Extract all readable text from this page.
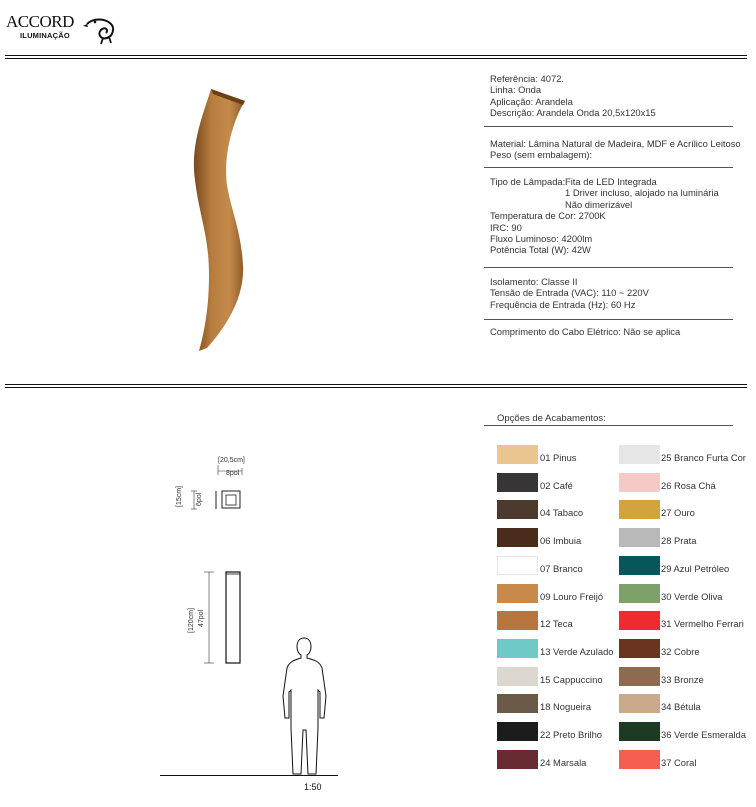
ACCORD
ILUMINAÇÃO
Referência: 4072.
Linha: Onda
Aplicação: Arandela
Descrição: Arandela Onda 20,5x120x15
Material: Lâmina Natural de Madeira, MDF e Acrílico Leitoso
Peso (sem embalagem):
Tipo de Lâmpada: Fita de LED Integrada
1 Driver incluso, alojado na luminária
Não dimerizável
Temperatura de Cor: 2700K
IRC: 90
Fluxo Luminoso: 4200lm
Potência Total (W): 42W
Isolamento: Classe II
Tensão de Entrada (VAC): 110 ~ 220V
Frequência de Entrada (Hz): 60 Hz
Comprimento do Cabo Elétrico: Não se aplica
[20,5cm]
8pol
[15cm] 6pol
[120cm] 47pol
1:50
Opções de Acabamentos:
01 Pinus
02 Café
04 Tabaco
06 Imbuia
07 Branco
09 Louro Freijó
12 Teca
13 Verde Azulado
15 Cappuccino
18 Nogueira
22 Preto Brilho
24 Marsala
25 Branco Furta Cor
26 Rosa Chá
27 Ouro
28 Prata
29 Azul Petróleo
30 Verde Oliva
31 Vermelho Ferrari
32 Cobre
33 Bronze
34 Bétula
36 Verde Esmeralda
37 Coral
